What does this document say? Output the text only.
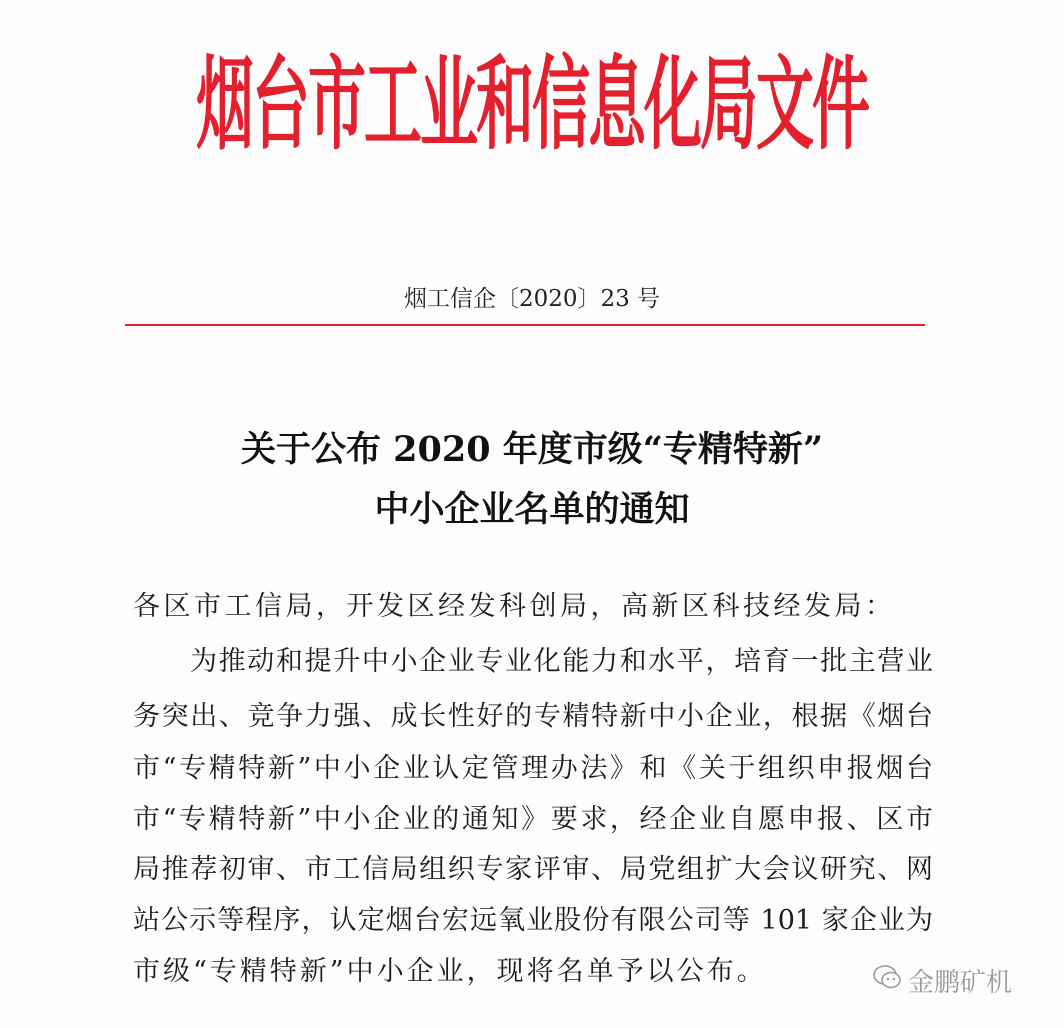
烟台市工业和信息化局文件
烟工信企〔2020〕23 号
关于公布 2020 年度市级“专精特新”
中小企业名单的通知
各区市工信局，开发区经发科创局，高新区科技经发局：
为推动和提升中小企业专业化能力和水平，培育一批主营业
务突出、竞争力强、成长性好的专精特新中小企业，根据《烟台
市“专精特新”中小企业认定管理办法》和《关于组织申报烟台
市“专精特新”中小企业的通知》要求，经企业自愿申报、区市
局推荐初审、市工信局组织专家评审、局党组扩大会议研究、网
站公示等程序，认定烟台宏远氧业股份有限公司等 101 家企业为
市级“专精特新”中小企业，现将名单予以公布。	金鹏矿机
